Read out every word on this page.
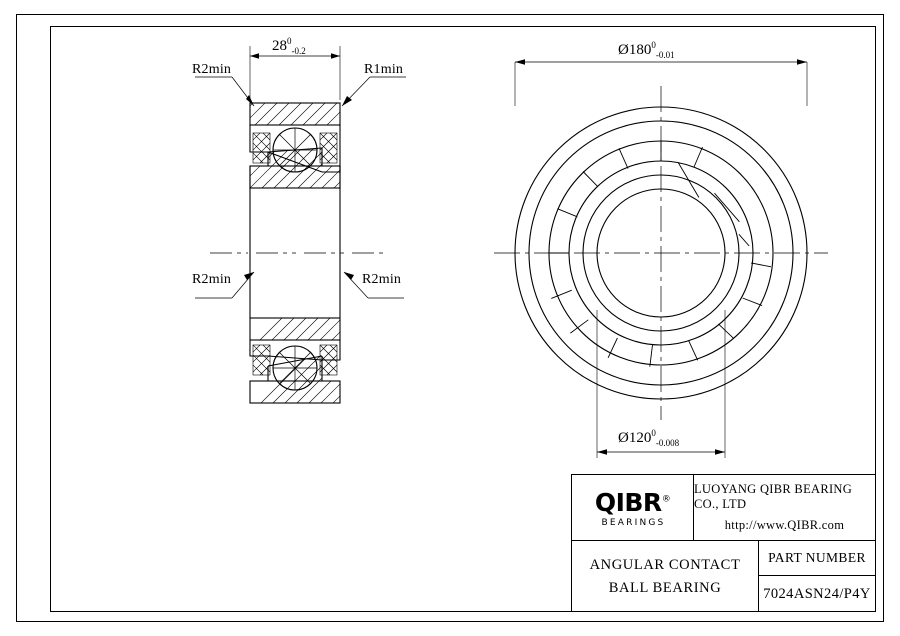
R2min	R1min
R2min	R2min
$28^0_{-0.2}$	$Ø180^0_{-0.01}$
$Ø120^0_{-0.008}$
QIBR®
BEARINGS
LUOYANG QIBR BEARING CO., LTD
http://www.QIBR.com
ANGULAR CONTACT
BALL BEARING
PART NUMBER
7024ASN24/P4Y
